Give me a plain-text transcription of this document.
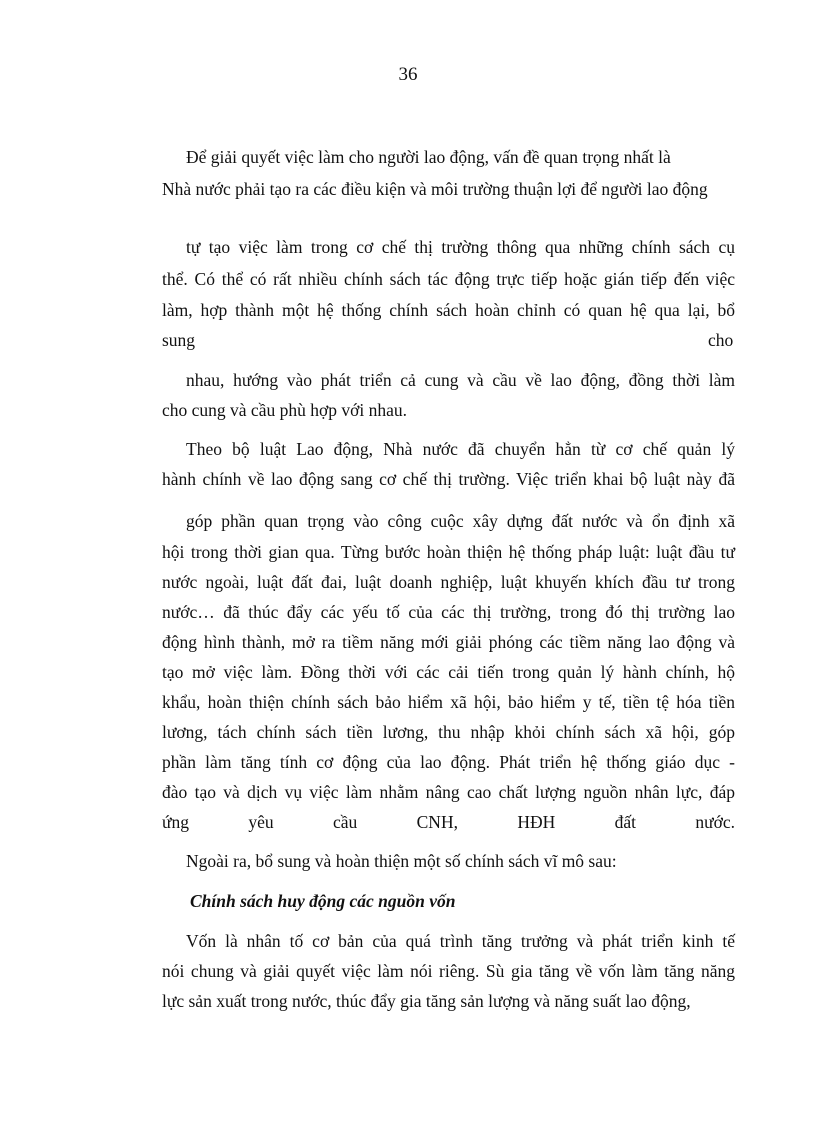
36
Để giải quyết việc làm cho người lao động, vấn đề quan trọng nhất là
Nhà nước phải tạo ra các điều kiện và môi trường thuận lợi để người lao động
tự tạo việc làm trong cơ chế thị trường thông qua những chính sách cụ
thể. Có thể có rất nhiều chính sách tác động trực tiếp hoặc gián tiếp đến việc
làm, hợp thành một hệ thống chính sách hoàn chỉnh có quan hệ qua lại, bổ
sung	cho
nhau, hướng vào phát triển cả cung và cầu về lao động, đồng thời làm
cho cung và cầu phù hợp với nhau.
Theo bộ luật Lao động, Nhà nước đã chuyển hẳn từ cơ chế quản lý
hành chính về lao động sang cơ chế thị trường. Việc triển khai bộ luật này đã
góp phần quan trọng vào công cuộc xây dựng đất nước và ổn định xã
hội trong thời gian qua. Từng bước hoàn thiện hệ thống pháp luật: luật đầu tư
nước ngoài, luật đất đai, luật doanh nghiệp, luật khuyến khích đầu tư trong
nước… đã thúc đẩy các yếu tố của các thị trường, trong đó thị trường lao
động hình thành, mở ra tiềm năng mới giải phóng các tiềm năng lao động và
tạo mở việc làm. Đồng thời với các cải tiến trong quản lý hành chính, hộ
khẩu, hoàn thiện chính sách bảo hiểm xã hội, bảo hiểm y tế, tiền tệ hóa tiền
lương, tách chính sách tiền lương, thu nhập khỏi chính sách xã hội, góp
phần làm tăng tính cơ động của lao động. Phát triển hệ thống giáo dục -
đào tạo và dịch vụ việc làm nhằm nâng cao chất lượng nguồn nhân lực, đáp
ứng yêu cầu CNH, HĐH đất nước.
Ngoài ra, bổ sung và hoàn thiện một số chính sách vĩ mô sau:
Chính sách huy động các nguồn vốn
Vốn là nhân tố cơ bản của quá trình tăng trưởng và phát triển kinh tế
nói chung và giải quyết việc làm nói riêng. Sù gia tăng về vốn làm tăng năng
lực sản xuất trong nước, thúc đẩy gia tăng sản lượng và năng suất lao động,
